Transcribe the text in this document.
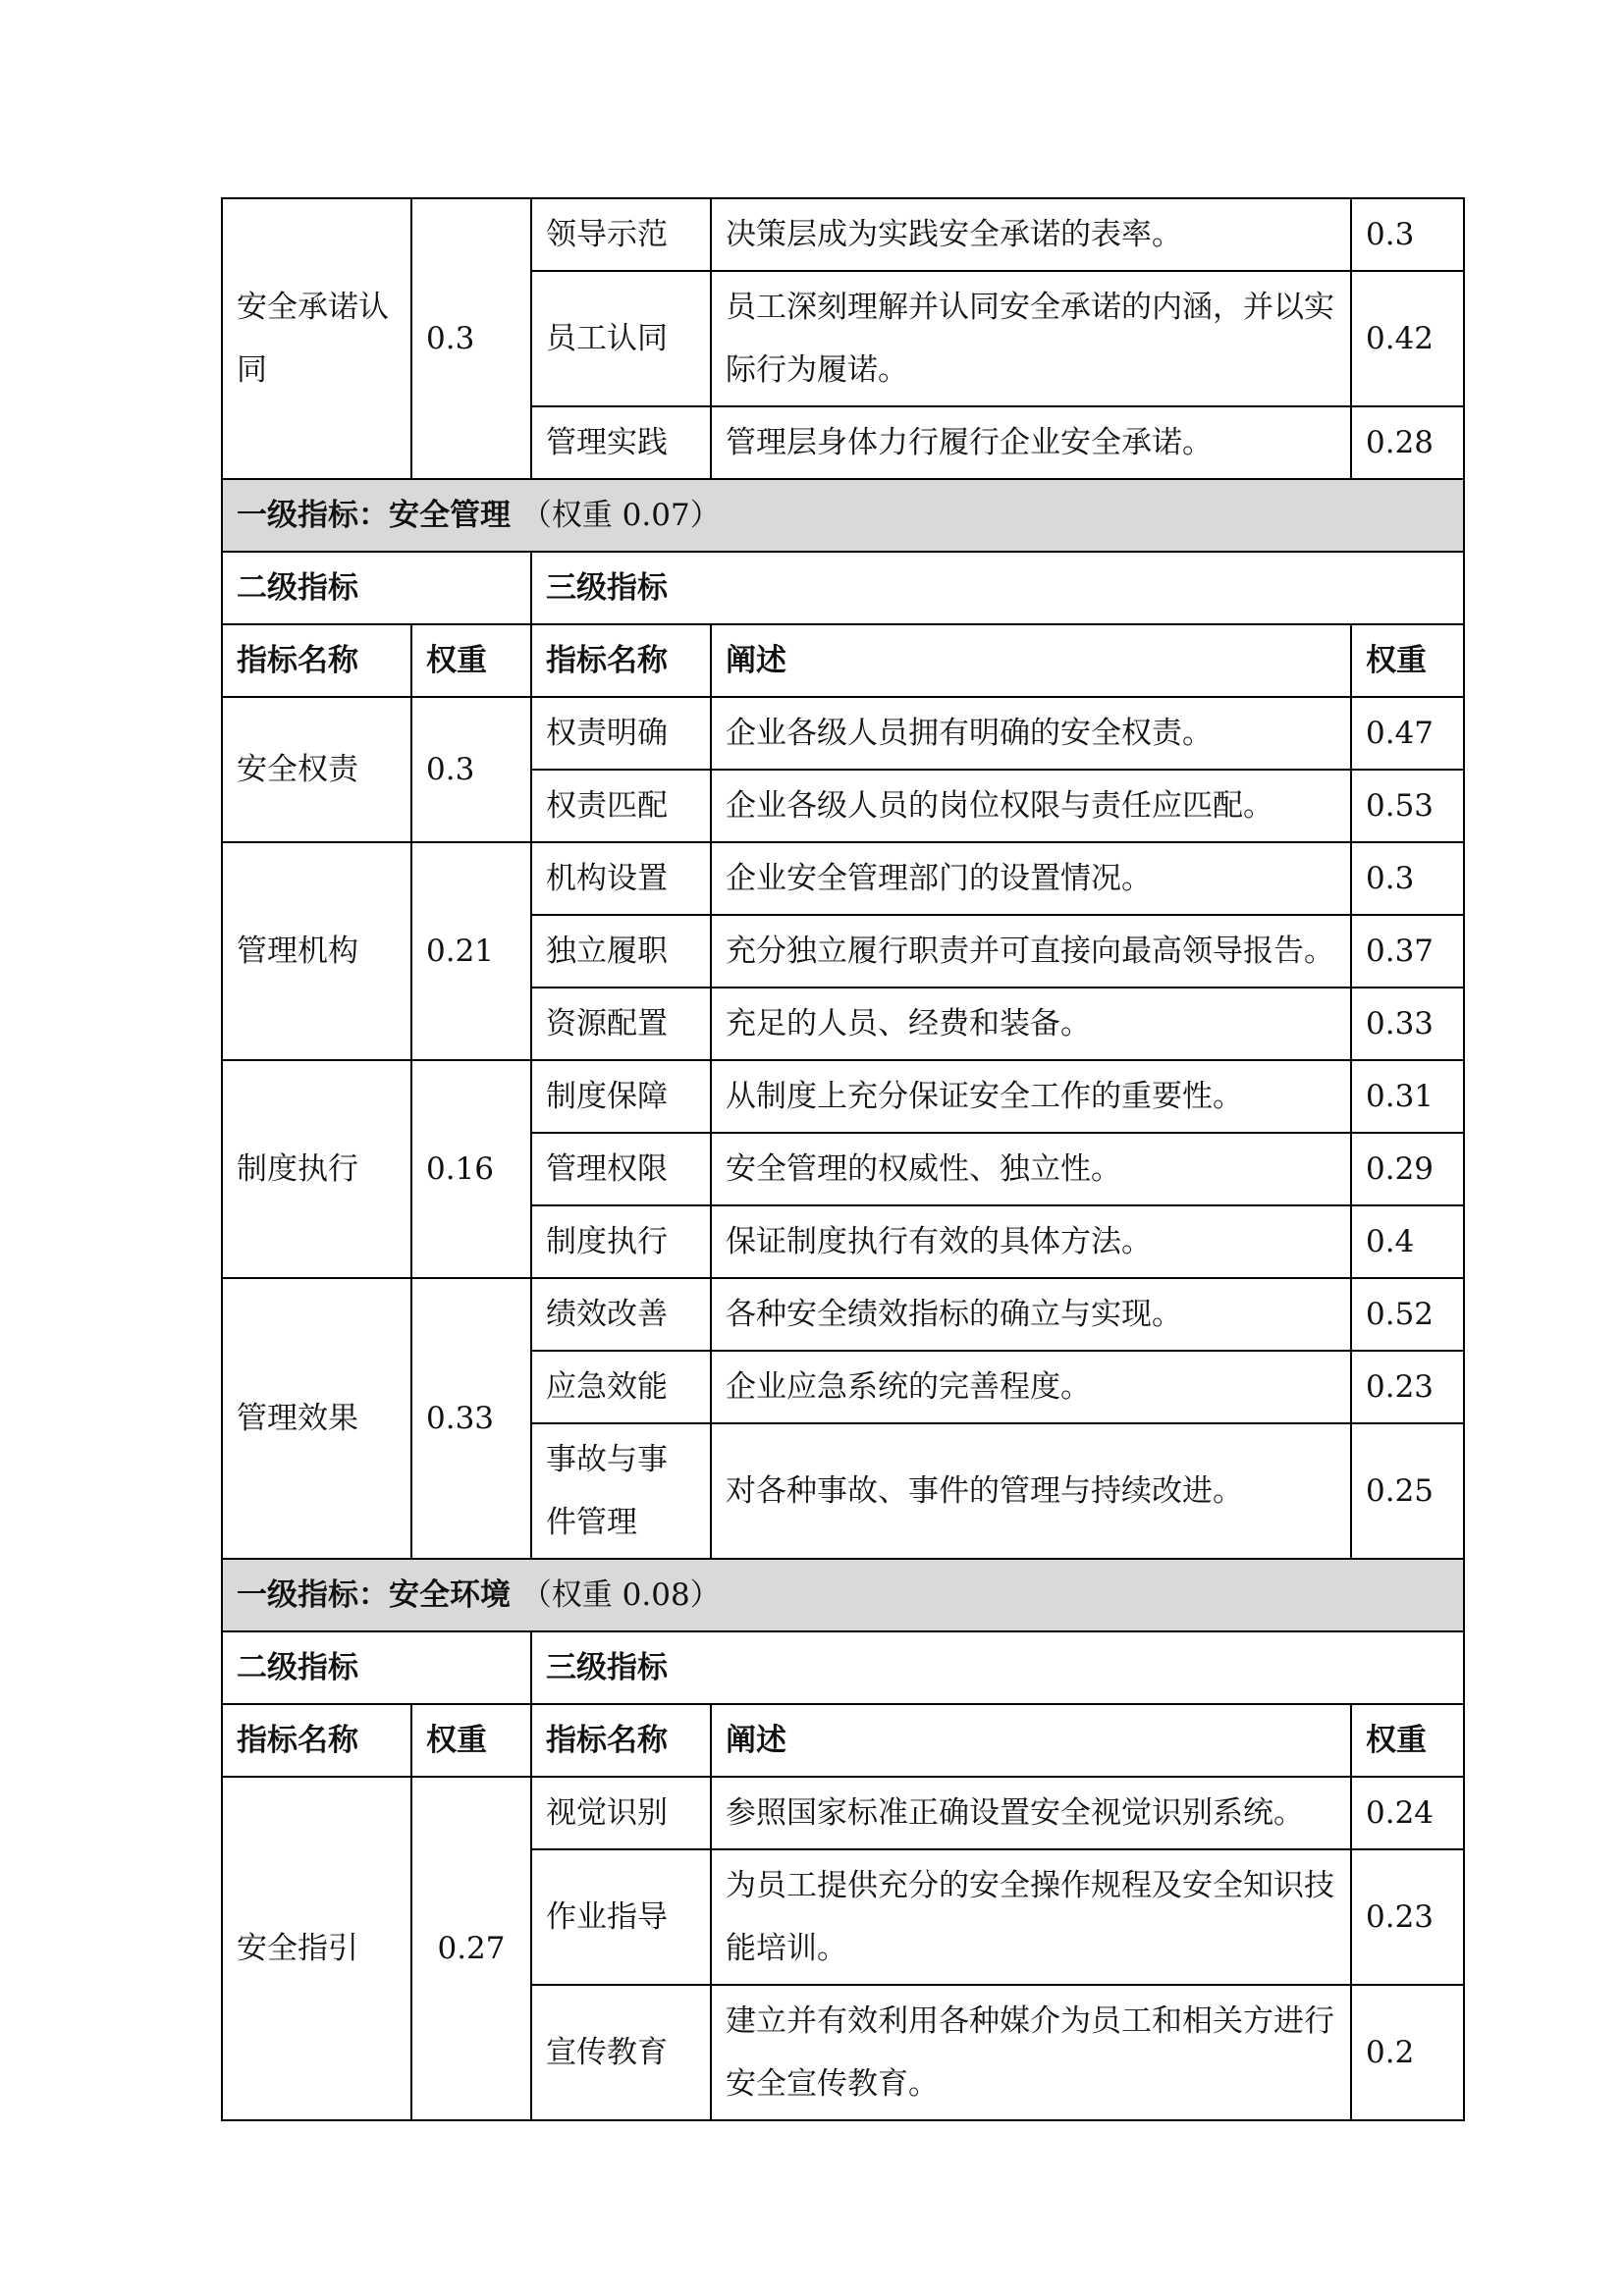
安全承诺认同	0.3	领导示范	决策层成为实践安全承诺的表率。	0.3
		员工认同	员工深刻理解并认同安全承诺的内涵，并以实际行为履诺。	0.42
		管理实践	管理层身体力行履行企业安全承诺。	0.28
一级指标：安全管理 （权重 0.07）				
二级指标		三级指标		
指标名称	权重	指标名称	阐述	权重
安全权责	0.3	权责明确	企业各级人员拥有明确的安全权责。	0.47
		权责匹配	企业各级人员的岗位权限与责任应匹配。	0.53
管理机构	0.21	机构设置	企业安全管理部门的设置情况。	0.3
		独立履职	充分独立履行职责并可直接向最高领导报告。	0.37
		资源配置	充足的人员、经费和装备。	0.33
制度执行	0.16	制度保障	从制度上充分保证安全工作的重要性。	0.31
		管理权限	安全管理的权威性、独立性。	0.29
		制度执行	保证制度执行有效的具体方法。	0.4
管理效果	0.33	绩效改善	各种安全绩效指标的确立与实现。	0.52
		应急效能	企业应急系统的完善程度。	0.23
		事故与事件管理	对各种事故、事件的管理与持续改进。	0.25
一级指标：安全环境 （权重 0.08）				
二级指标		三级指标		
指标名称	权重	指标名称	阐述	权重
安全指引	0.27	视觉识别	参照国家标准正确设置安全视觉识别系统。	0.24
		作业指导	为员工提供充分的安全操作规程及安全知识技能培训。	0.23
		宣传教育	建立并有效利用各种媒介为员工和相关方进行安全宣传教育。	0.2
